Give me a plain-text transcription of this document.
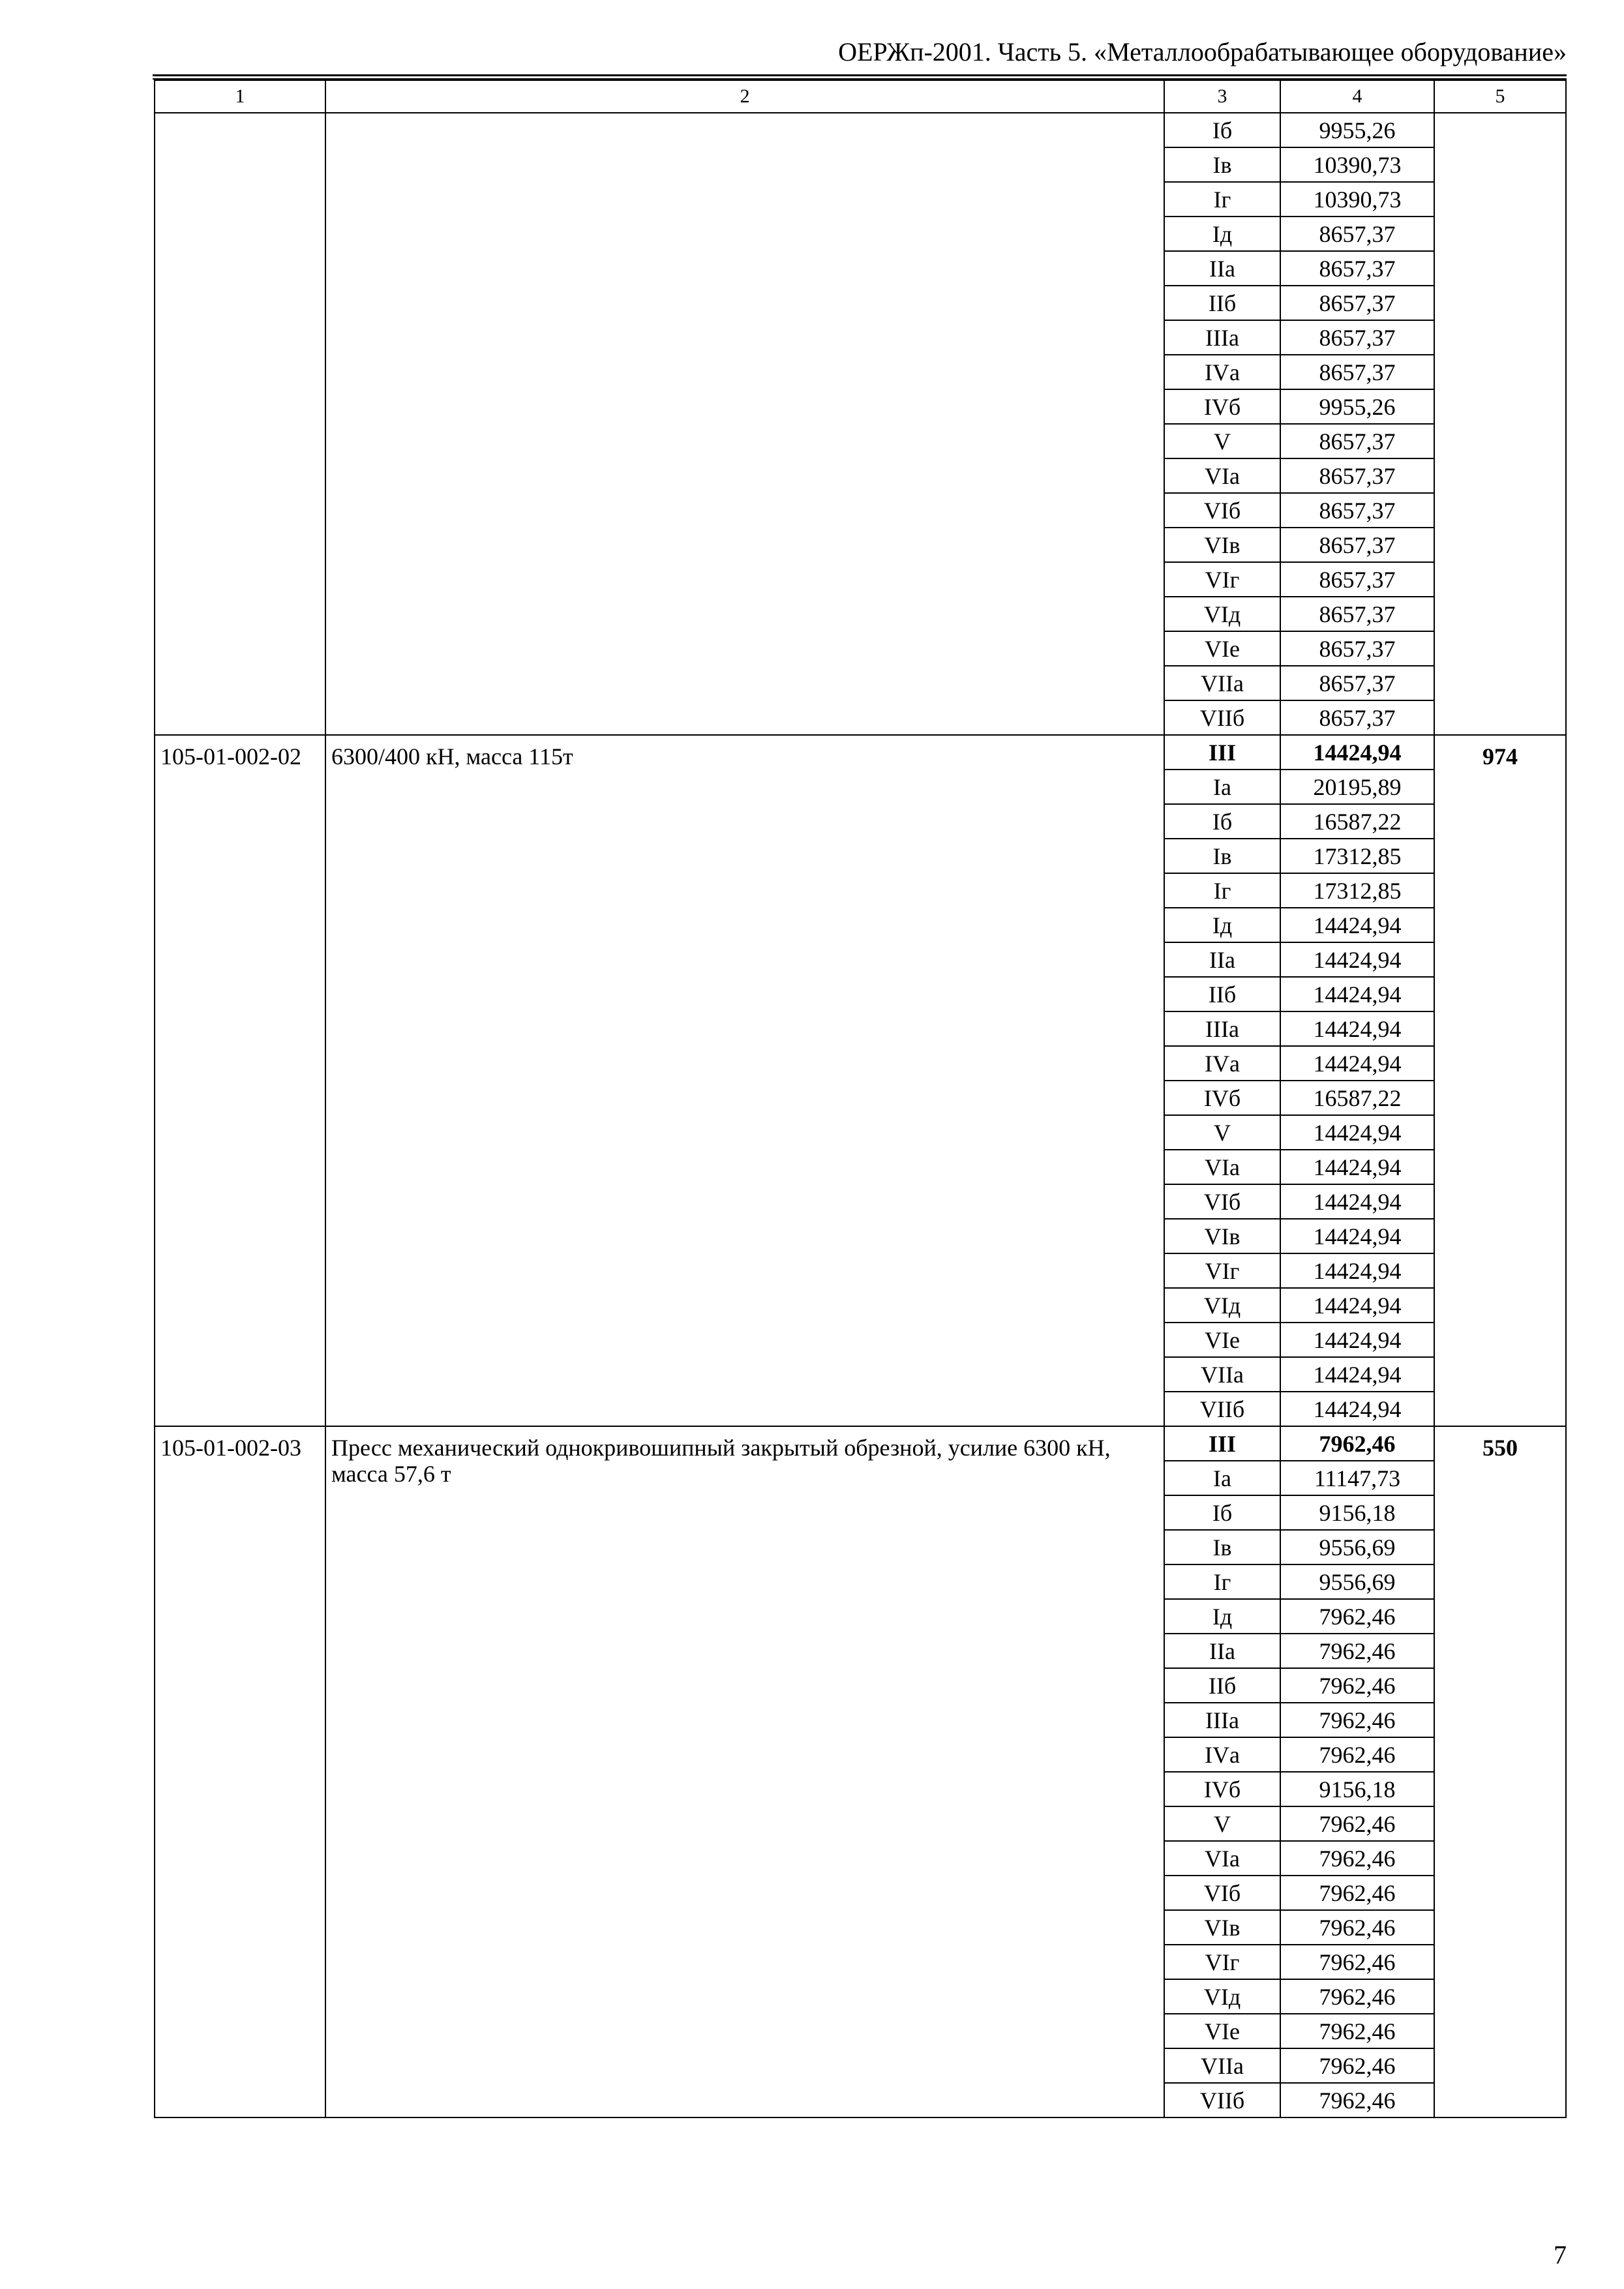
ОЕРЖп-2001. Часть 5. «Металлообрабатывающее оборудование»
1	2	3	4	5
		Iб	9955,26	
		Iв	10390,73	
		Iг	10390,73	
		Iд	8657,37	
		IIа	8657,37	
		IIб	8657,37	
		IIIа	8657,37	
		IVа	8657,37	
		IVб	9955,26	
		V	8657,37	
		VIа	8657,37	
		VIб	8657,37	
		VIв	8657,37	
		VIг	8657,37	
		VIд	8657,37	
		VIе	8657,37	
		VIIа	8657,37	
		VIIб	8657,37	
105-01-002-02	6300/400 кН, масса 115т	III	14424,94	974
		Iа	20195,89	
		Iб	16587,22	
		Iв	17312,85	
		Iг	17312,85	
		Iд	14424,94	
		IIа	14424,94	
		IIб	14424,94	
		IIIа	14424,94	
		IVа	14424,94	
		IVб	16587,22	
		V	14424,94	
		VIа	14424,94	
		VIб	14424,94	
		VIв	14424,94	
		VIг	14424,94	
		VIд	14424,94	
		VIе	14424,94	
		VIIа	14424,94	
		VIIб	14424,94	
105-01-002-03	Пресс механический однокривошипный закрытый обрезной, усилие 6300 кН, масса 57,6 т	III	7962,46	550
		Iа	11147,73	
		Iб	9156,18	
		Iв	9556,69	
		Iг	9556,69	
		Iд	7962,46	
		IIа	7962,46	
		IIб	7962,46	
		IIIа	7962,46	
		IVа	7962,46	
		IVб	9156,18	
		V	7962,46	
		VIа	7962,46	
		VIб	7962,46	
		VIв	7962,46	
		VIг	7962,46	
		VIд	7962,46	
		VIе	7962,46	
		VIIа	7962,46	
		VIIб	7962,46	
7
